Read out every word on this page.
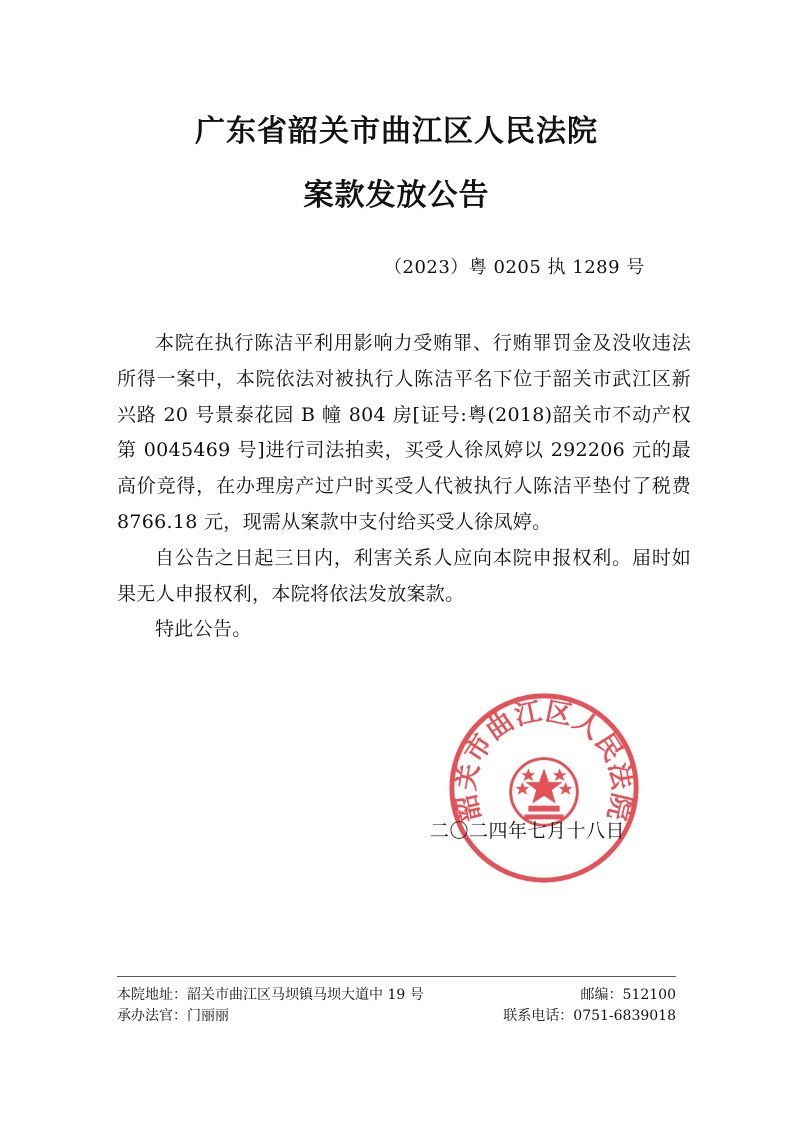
广东省韶关市曲江区人民法院
案款发放公告
（2023）粤 0205 执 1289 号

本院在执行陈洁平利用影响力受贿罪、行贿罪罚金及没收违法所得一案中，本院依法对被执行人陈洁平名下位于韶关市武江区新兴路 20 号景泰花园 B 幢 804 房[证号:粤(2018)韶关市不动产权第 0045469 号]进行司法拍卖，买受人徐凤婷以 292206 元的最高价竞得，在办理房产过户时买受人代被执行人陈洁平垫付了税费 8766.18 元，现需从案款中支付给买受人徐凤婷。

自公告之日起三日内，利害关系人应向本院申报权利。届时如果无人申报权利，本院将依法发放案款。

特此公告。

韶关市曲江区人民法院
二〇二四年七月十八日
本院地址：韶关市曲江区马坝镇马坝大道中 19 号	邮编：512100
承办法官：门丽丽	联系电话：0751-6839018
